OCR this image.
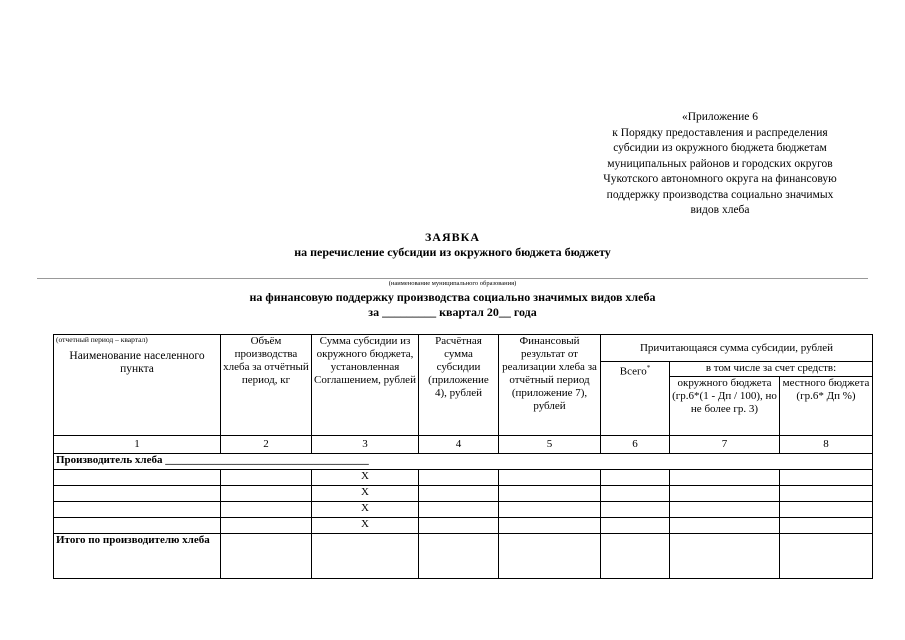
«Приложение 6
к Порядку предоставления и распределения
субсидии из окружного бюджета бюджетам
муниципальных районов и городских округов
Чукотского автономного округа на финансовую
поддержку производства социально значимых
видов хлеба
ЗАЯВКА
на перечисление субсидии из окружного бюджета бюджету
(наименование муниципального образования)
на финансовую поддержку производства социально значимых видов хлеба
за _________ квартал 20__ года
(отчетный период – квартал)
Наименование населенного пункта	Объём производства хлеба за отчётный период, кг	Сумма субсидии из окружного бюджета, установленная Соглашением, рублей	Расчётная сумма субсидии (приложение 4), рублей	Финансовый результат от реализации хлеба за отчётный период (приложение 7), рублей	Причитающаяся сумма субсидии, рублей		
					Всего*	в том числе за счет средств:	
						окружного бюджета (гр.6*(1 - Дп / 100), но не более гр. 3)	местного бюджета (гр.6* Дп %)
1	2	3	4	5	6	7	8
Производитель хлеба _____________________________________							
		Х					
		Х					
		Х					
		Х					
Итого по производителю хлеба							
